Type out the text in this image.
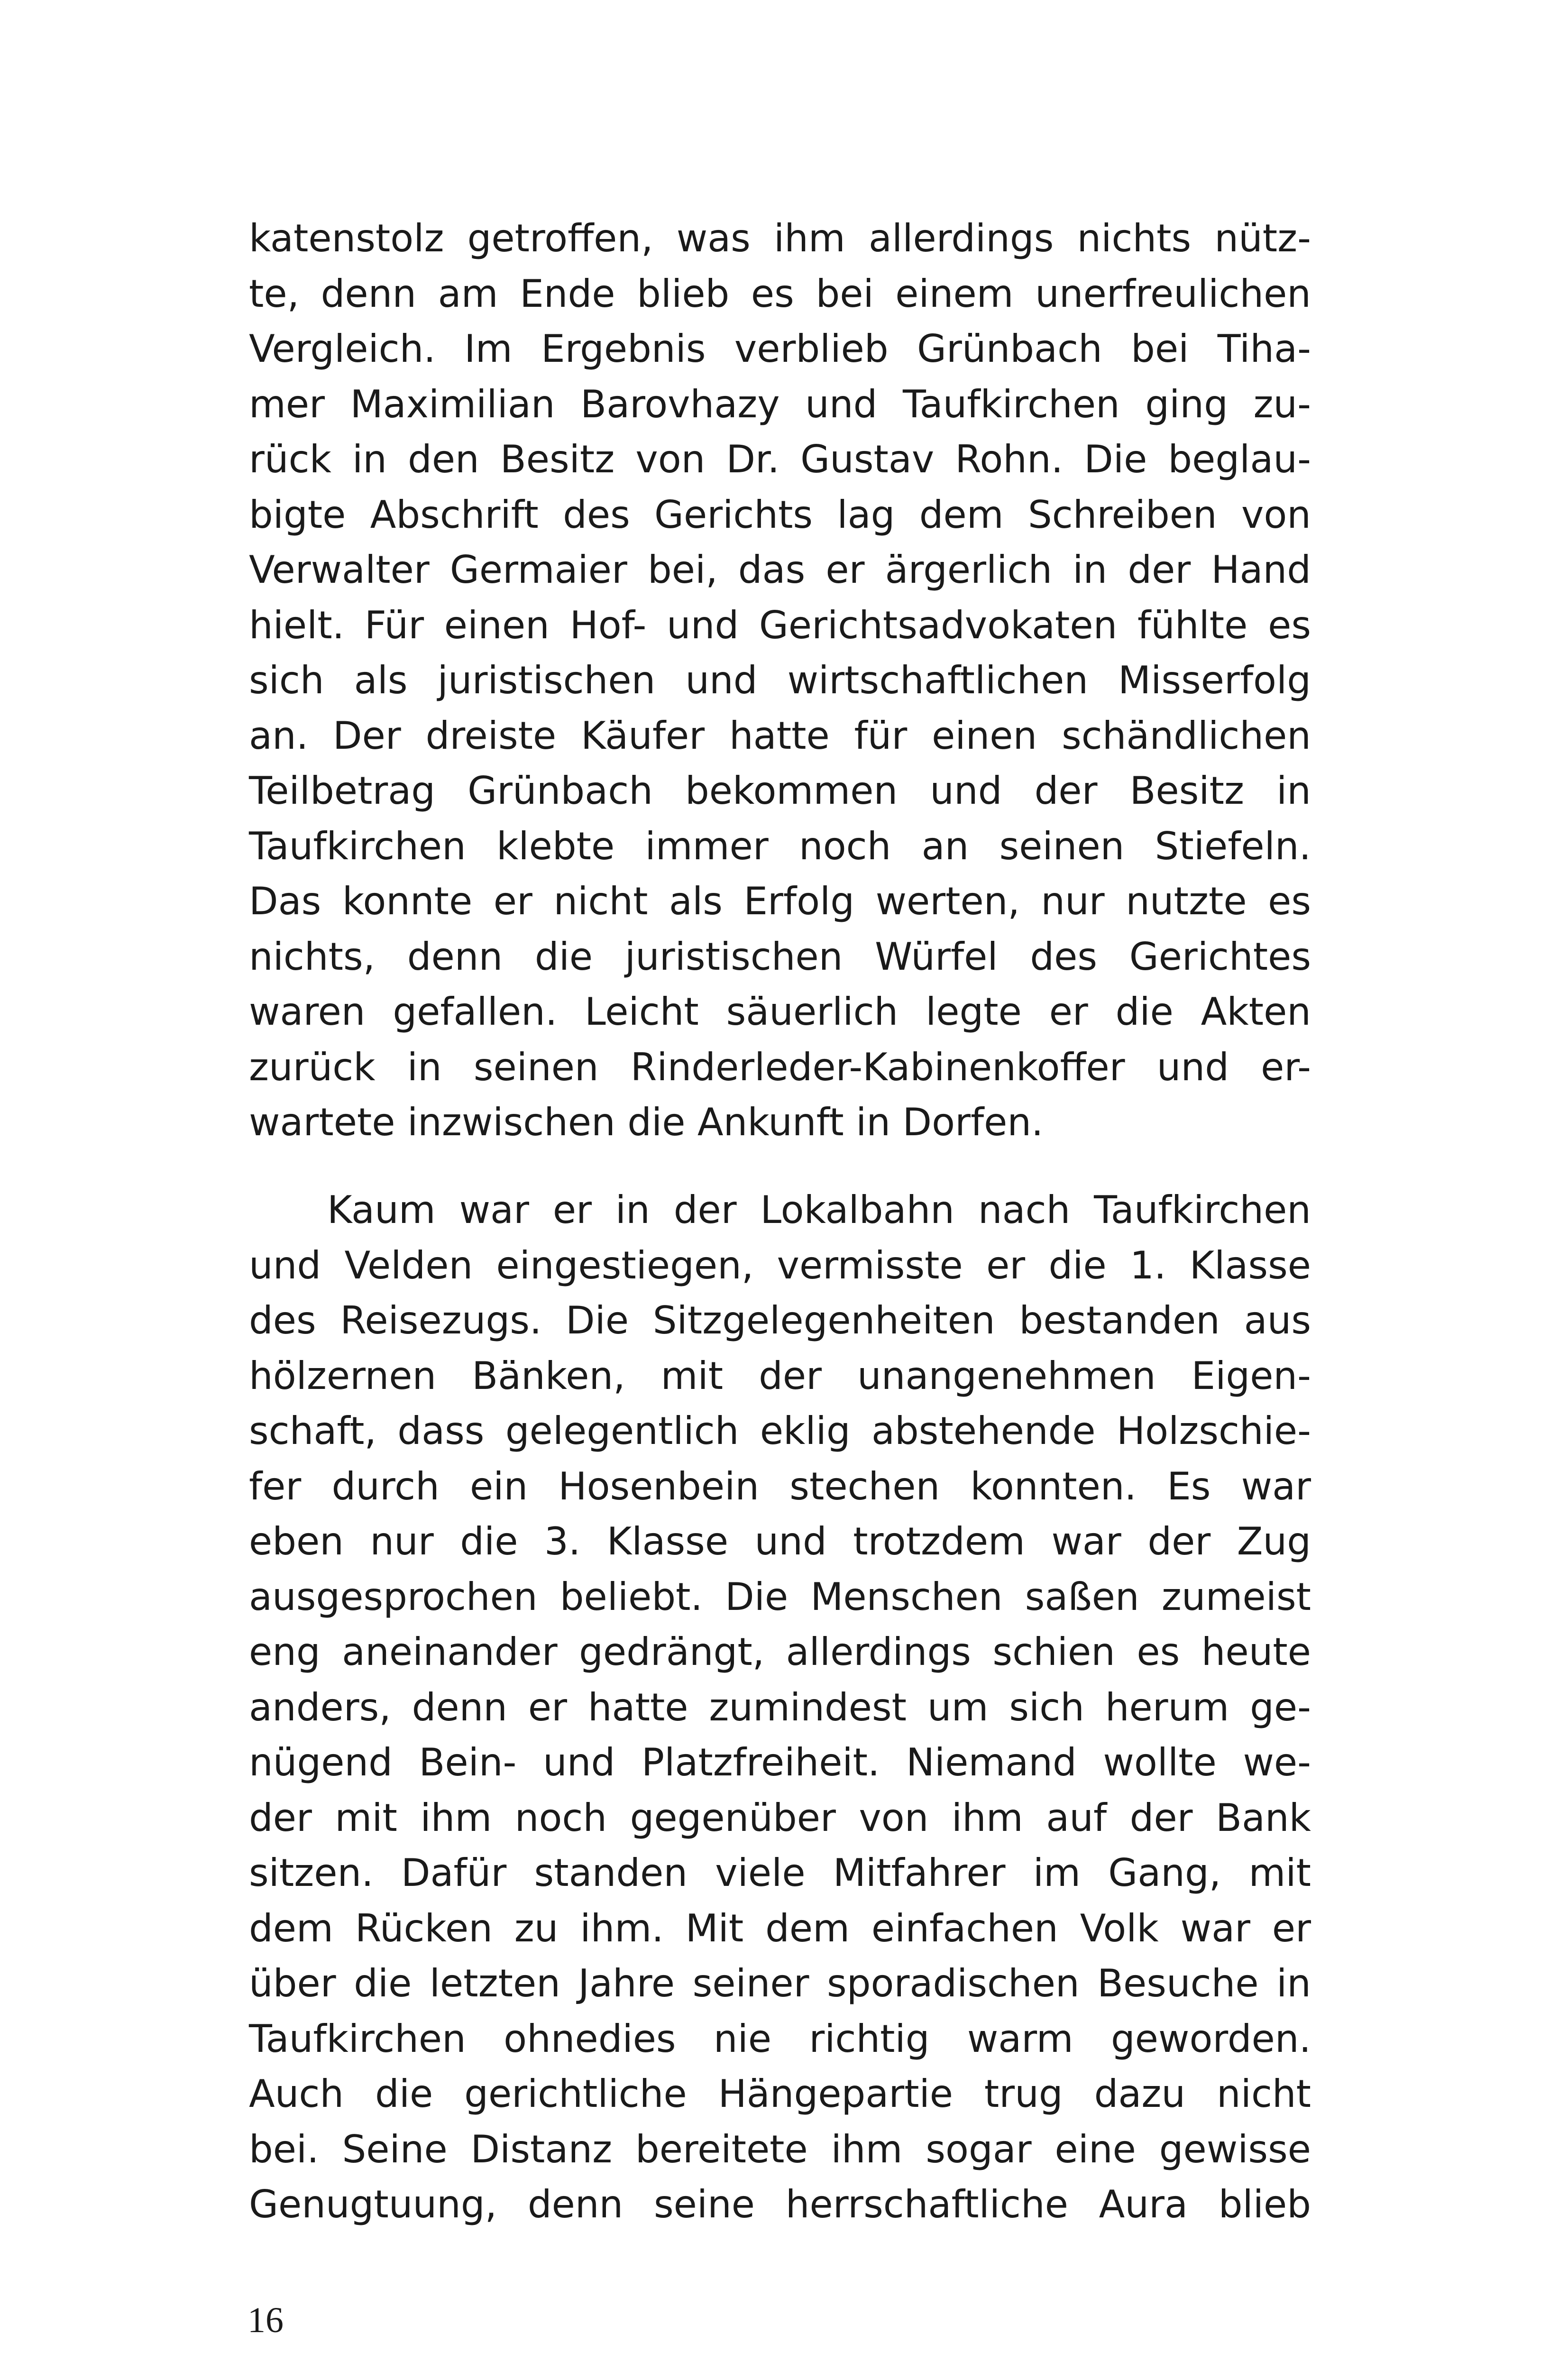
katenstolz getroffen, was ihm allerdings nichts nütz-
te, denn am Ende blieb es bei einem unerfreulichen
Vergleich. Im Ergebnis verblieb Grünbach bei Tiha-
mer Maximilian Barovhazy und Taufkirchen ging zu-
rück in den Besitz von Dr. Gustav Rohn. Die beglau-
bigte Abschrift des Gerichts lag dem Schreiben von
Verwalter Germaier bei, das er ärgerlich in der Hand
hielt. Für einen Hof- und Gerichtsadvokaten fühlte es
sich als juristischen und wirtschaftlichen Misserfolg
an. Der dreiste Käufer hatte für einen schändlichen
Teilbetrag Grünbach bekommen und der Besitz in
Taufkirchen klebte immer noch an seinen Stiefeln.
Das konnte er nicht als Erfolg werten, nur nutzte es
nichts, denn die juristischen Würfel des Gerichtes
waren gefallen. Leicht säuerlich legte er die Akten
zurück in seinen Rinderleder-Kabinenkoffer und er-
wartete inzwischen die Ankunft in Dorfen.
Kaum war er in der Lokalbahn nach Taufkirchen
und Velden eingestiegen, vermisste er die 1. Klasse
des Reisezugs. Die Sitzgelegenheiten bestanden aus
hölzernen Bänken, mit der unangenehmen Eigen-
schaft, dass gelegentlich eklig abstehende Holzschie-
fer durch ein Hosenbein stechen konnten. Es war
eben nur die 3. Klasse und trotzdem war der Zug
ausgesprochen beliebt. Die Menschen saßen zumeist
eng aneinander gedrängt, allerdings schien es heute
anders, denn er hatte zumindest um sich herum ge-
nügend Bein- und Platzfreiheit. Niemand wollte we-
der mit ihm noch gegenüber von ihm auf der Bank
sitzen. Dafür standen viele Mitfahrer im Gang, mit
dem Rücken zu ihm. Mit dem einfachen Volk war er
über die letzten Jahre seiner sporadischen Besuche in
Taufkirchen ohnedies nie richtig warm geworden.
Auch die gerichtliche Hängepartie trug dazu nicht
bei. Seine Distanz bereitete ihm sogar eine gewisse
Genugtuung, denn seine herrschaftliche Aura blieb
16
